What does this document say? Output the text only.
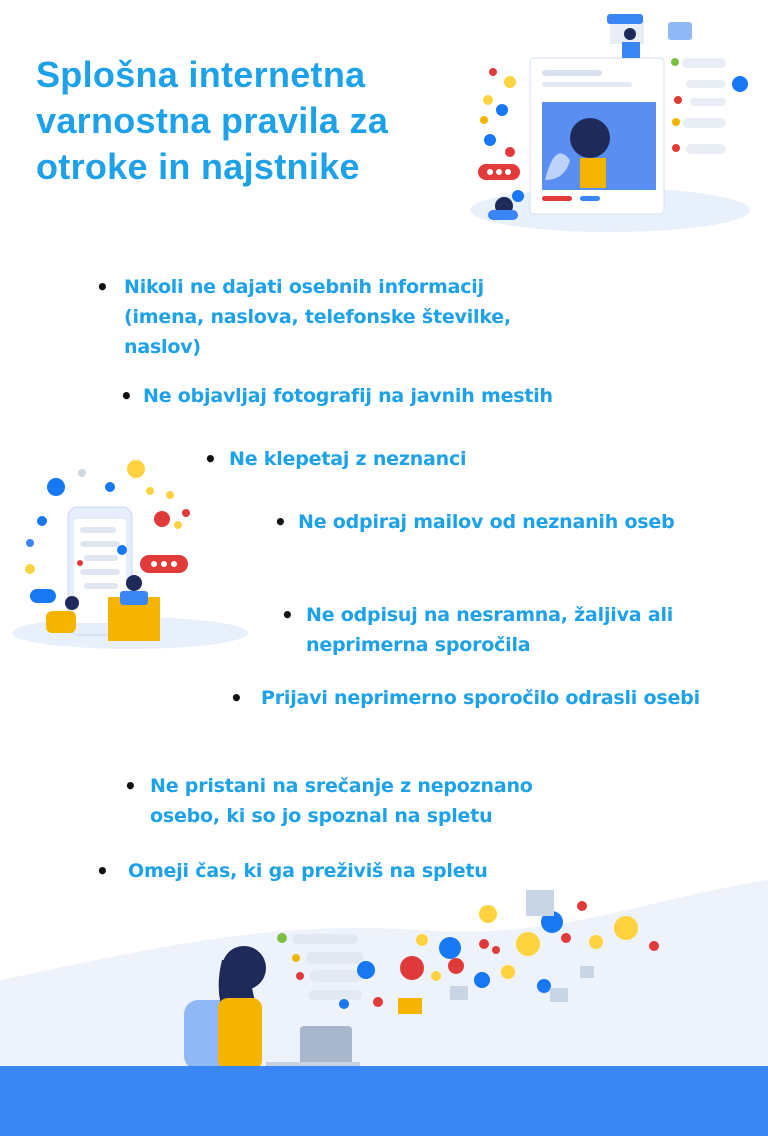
Splošna internetna varnostna pravila za otroke in najstnike
• Nikoli ne dajati osebnih informacij (imena, naslova, telefonske številke, naslov)
• Ne objavljaj fotografij na javnih mestih
• Ne klepetaj z neznanci
• Ne odpiraj mailov od neznanih oseb
• Ne odpisuj na nesramna, žaljiva ali neprimerna sporočila
• Prijavi neprimerno sporočilo odrasli osebi
• Ne pristani na srečanje z nepoznano osebo, ki so jo spoznal na spletu
•	Omeji čas, ki ga preživiš na spletu
